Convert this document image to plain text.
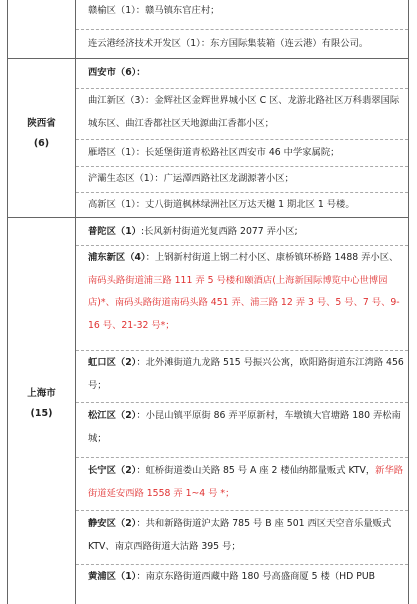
赣榆区（1）：赣马镇东官庄村；
连云港经济技术开发区（1）：东方国际集装箱（连云港）有限公司。
陕西省
(6)
西安市（6）：
曲江新区（3）：金辉社区金辉世界城小区 C 区、龙游北路社区万科翡翠国际城东区、曲江香都社区天地源曲江香都小区；
雁塔区（1）：长延堡街道青松路社区西安市 46 中学家属院；
浐灞生态区（1）：广运潭西路社区龙湖源著小区；
高新区（1）：丈八街道枫林绿洲社区万达天樾 1 期北区 1 号楼。
上海市
(15)
普陀区（1）:长风新村街道光复西路 2077 弄小区;
浦东新区（4）：上钢新村街道上钢二村小区、康桥镇环桥路 1488 弄小区、南码头路街道浦三路 111 弄 5 号楼和颐酒店(上海新国际博览中心世博园店)*、南码头路街道南码头路 451 弄、浦三路 12 弄 3 号、5 号、7 号、9-16 号、21-32 号*；
虹口区（2）：北外滩街道九龙路 515 号振兴公寓，欧阳路街道东江湾路 456 号；
松江区（2）：小昆山镇平原街 86 弄平原新村，车墩镇大官塘路 180 弄松南城；
长宁区（2）：虹桥街道娄山关路 85 号 A 座 2 楼仙纳都量贩式 KTV，新华路街道延安西路 1558 弄 1~4 号 *；
静安区（2）：共和新路街道沪太路 785 号 B 座 501 西区天空音乐量贩式 KTV、南京西路街道大沽路 395 号；
黄浦区（1）：南京东路街道西藏中路 180 号高盛商厦 5 楼（HD PUB
